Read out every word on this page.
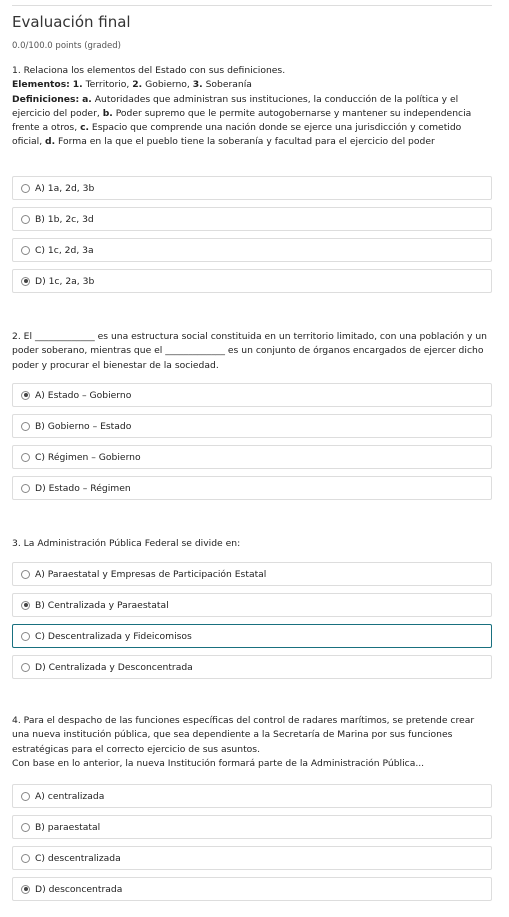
Evaluación final
0.0/100.0 points (graded)
1. Relaciona los elementos del Estado con sus definiciones.
Elementos: 1. Territorio, 2. Gobierno, 3. Soberanía
Definiciones: a. Autoridades que administran sus instituciones, la conducción de la política y el ejercicio del poder, b. Poder supremo que le permite autogobernarse y mantener su independencia frente a otros, c. Espacio que comprende una nación donde se ejerce una jurisdicción y cometido oficial, d. Forma en la que el pueblo tiene la soberanía y facultad para el ejercicio del poder
A) 1a, 2d, 3b
B) 1b, 2c, 3d
C) 1c, 2d, 3a
D) 1c, 2a, 3b
2. El _____________ es una estructura social constituida en un territorio limitado, con una población y un poder soberano, mientras que el _____________ es un conjunto de órganos encargados de ejercer dicho poder y procurar el bienestar de la sociedad.
A) Estado – Gobierno
B) Gobierno – Estado
C) Régimen – Gobierno
D) Estado – Régimen
3. La Administración Pública Federal se divide en:
A) Paraestatal y Empresas de Participación Estatal
B) Centralizada y Paraestatal
C) Descentralizada y Fideicomisos
D) Centralizada y Desconcentrada
4. Para el despacho de las funciones específicas del control de radares marítimos, se pretende crear una nueva institución pública, que sea dependiente a la Secretaría de Marina por sus funciones estratégicas para el correcto ejercicio de sus asuntos.
Con base en lo anterior, la nueva Institución formará parte de la Administración Pública...
A) centralizada
B) paraestatal
C) descentralizada
D) desconcentrada
